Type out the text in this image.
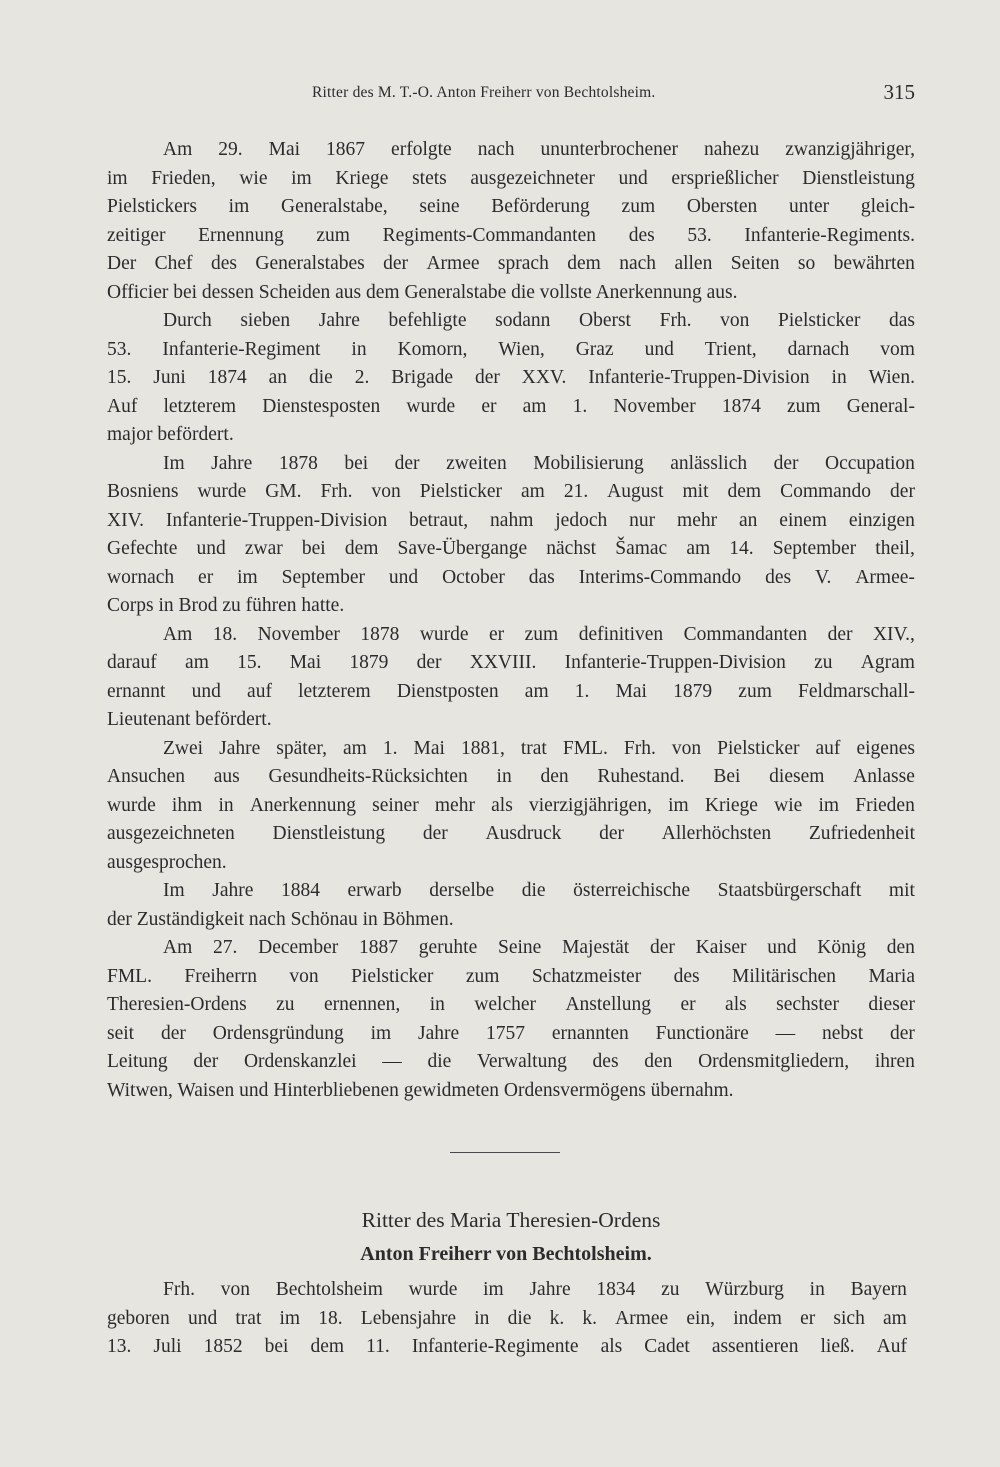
Ritter des M. T.-O. Anton Freiherr von Bechtolsheim.	315
Am 29. Mai 1867 erfolgte nach ununterbrochener nahezu zwanzigjähriger,
im Frieden, wie im Kriege stets ausgezeichneter und ersprießlicher Dienstleistung
Pielstickers im Generalstabe, seine Beförderung zum Obersten unter gleich-
zeitiger Ernennung zum Regiments-Commandanten des 53. Infanterie-Regiments.
Der Chef des Generalstabes der Armee sprach dem nach allen Seiten so bewährten
Officier bei dessen Scheiden aus dem Generalstabe die vollste Anerkennung aus.
Durch sieben Jahre befehligte sodann Oberst Frh. von Pielsticker das
53. Infanterie-Regiment in Komorn, Wien, Graz und Trient, darnach vom
15. Juni 1874 an die 2. Brigade der XXV. Infanterie-Truppen-Division in Wien.
Auf letzterem Dienstesposten wurde er am 1. November 1874 zum General-
major befördert.
Im Jahre 1878 bei der zweiten Mobilisierung anlässlich der Occupation
Bosniens wurde GM. Frh. von Pielsticker am 21. August mit dem Commando der
XIV. Infanterie-Truppen-Division betraut, nahm jedoch nur mehr an einem einzigen
Gefechte und zwar bei dem Save-Übergange nächst Šamac am 14. September theil,
wornach er im September und October das Interims-Commando des V. Armee-
Corps in Brod zu führen hatte.
Am 18. November 1878 wurde er zum definitiven Commandanten der XIV.,
darauf am 15. Mai 1879 der XXVIII. Infanterie-Truppen-Division zu Agram
ernannt und auf letzterem Dienstposten am 1. Mai 1879 zum Feldmarschall-
Lieutenant befördert.
Zwei Jahre später, am 1. Mai 1881, trat FML. Frh. von Pielsticker auf eigenes
Ansuchen aus Gesundheits-Rücksichten in den Ruhestand. Bei diesem Anlasse
wurde ihm in Anerkennung seiner mehr als vierzigjährigen, im Kriege wie im Frieden
ausgezeichneten Dienstleistung der Ausdruck der Allerhöchsten Zufriedenheit
ausgesprochen.
Im Jahre 1884 erwarb derselbe die österreichische Staatsbürgerschaft mit
der Zuständigkeit nach Schönau in Böhmen.
Am 27. December 1887 geruhte Seine Majestät der Kaiser und König den
FML. Freiherrn von Pielsticker zum Schatzmeister des Militärischen Maria
Theresien-Ordens zu ernennen, in welcher Anstellung er als sechster dieser
seit der Ordensgründung im Jahre 1757 ernannten Functionäre — nebst der
Leitung der Ordenskanzlei — die Verwaltung des den Ordensmitgliedern, ihren
Witwen, Waisen und Hinterbliebenen gewidmeten Ordensvermögens übernahm.
Ritter des Maria Theresien-Ordens
Anton Freiherr von Bechtolsheim.
Frh. von Bechtolsheim wurde im Jahre 1834 zu Würzburg in Bayern
geboren und trat im 18. Lebensjahre in die k. k. Armee ein, indem er sich am
13. Juli 1852 bei dem 11. Infanterie-Regimente als Cadet assentieren ließ. Auf
